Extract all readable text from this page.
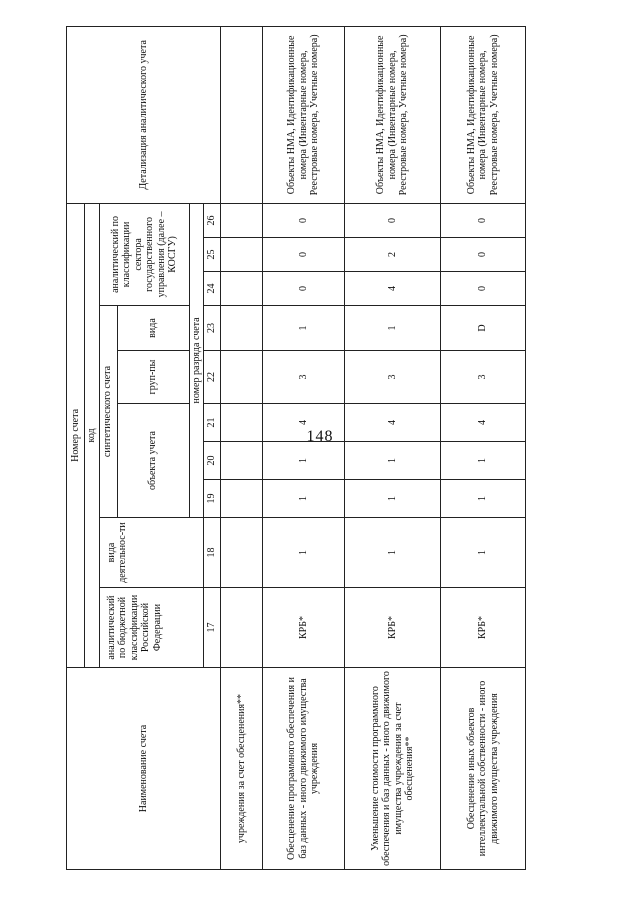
148
Наименование счета	Номер счета										Детализация аналитического учета
	код										
	аналитический по бюджетной классификации Российской Федерации	вида деятельнос-ти	синтетического счета					аналитический по классификации сектора государственного управления (далее – КОСГУ)			
			объекта учета			груп-пы	вида				
			номер разряда счета								
	17	18	19	20	21	22	23	24	25	26	
учреждения за счет обесценения**											
Обесценение программного обеспечения и баз данных - иного движимого имущества учреждения	КРБ*	1	1	1	4	3	1	0	0	0	Объекты НМА, Идентификационные номера (Инвентарные номера, Реестровые номера, Учетные номера)
Уменьшение стоимости программного обеспечения и баз данных - иного движимого имущества учреждения за счет обесценения**	КРБ*	1	1	1	4	3	1	4	2	0	Объекты НМА, Идентификационные номера (Инвентарные номера, Реестровые номера, Учетные номера)
Обесценение иных объектов интеллектуальной собственности - иного движимого имущества учреждения	КРБ*	1	1	1	4	3	D	0	0	0	Объекты НМА, Идентификационные номера (Инвентарные номера, Реестровые номера, Учетные номера)
